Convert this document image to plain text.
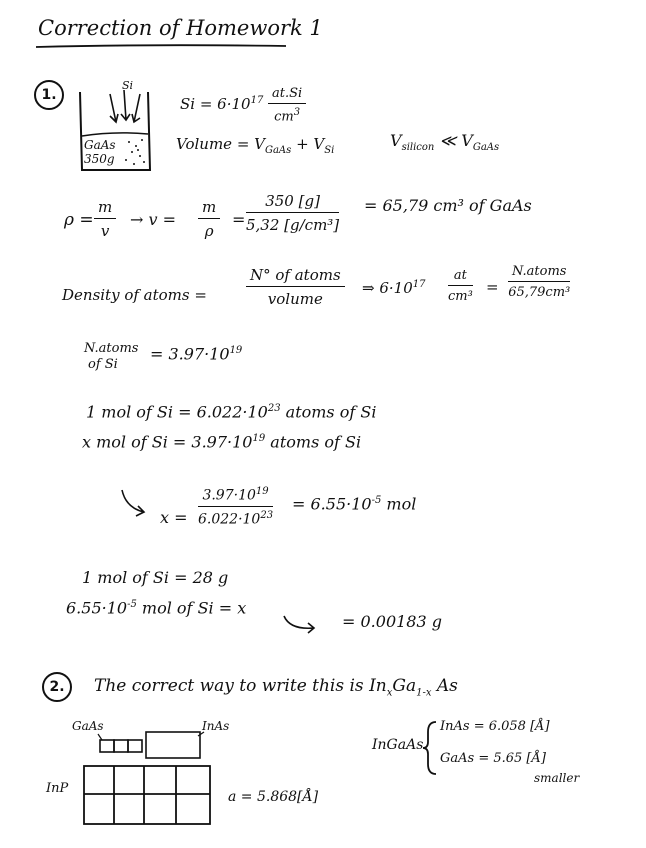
Correction of Homework 1
1.
Si
GaAs
350g
$Si = 6\cdot 10^{17} \frac{at.Si}{cm^3}$
Volume = $V_{GaAs} + V_{Si}$
$V_{silicon}$ ≪ $V_{GaAs}$
$\rho = \frac{m}{v} \to v = \frac{m}{\rho} = \frac{350 [g]}{\text{5,32 [g/cm³]}} = 65,79$ cm³ of GaAs
Density of atoms =
N° of atoms
volume
⇒ $6\cdot 10^{17} \frac{at}{\text{cm³}}$ =
N.atoms
65,79cm³
N.atoms
of Si
= $3.97\cdot 10^{19}$
1 mol of $Si = 6.022\cdot 10^{23}$ atoms of Si
x mol of $Si = 3.97\cdot 10^{19}$ atoms of Si
$x = \frac{3.97\cdot 10^{19}}{6.022\cdot 10^{23}} = 6.55\cdot 10^{-5}$ mol
1 mol of Si = 28 g
$6.55\cdot 10^{-5}$ mol of Si = x
= 0.00183 g
2.	The correct way to write this is $In_xGa_{1-x}$ As
GaAs	InAs
InP
a = 5.868[Å]
InGaAs
InAs = 6.058 [Å]
GaAs = 5.65 [Å]
smaller
